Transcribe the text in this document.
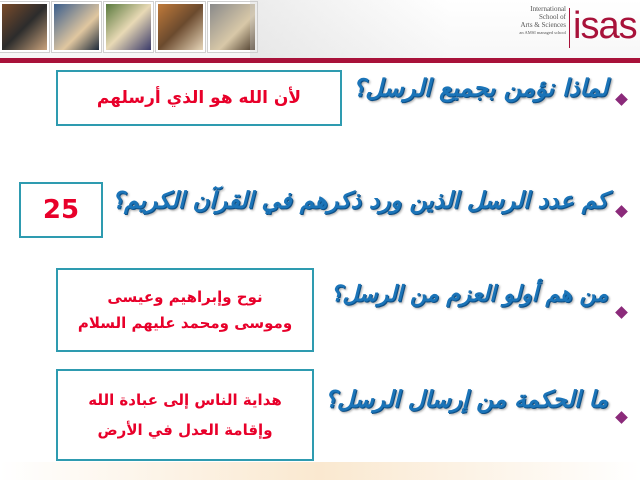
International
School of
Arts & Sciences
an AMSI managed school isas
لأن الله هو الذي أرسلهم لماذا نؤمن بجميع الرسل؟
25 كم عدد الرسل الذين ورد ذكرهم في القرآن الكريم؟
نوح وإبراهيم وعيسى
وموسى ومحمد عليهم السلام
من هم أولو العزم من الرسل؟
هداية الناس إلى عبادة الله
وإقامة العدل في الأرض
ما الحكمة من إرسال الرسل؟
